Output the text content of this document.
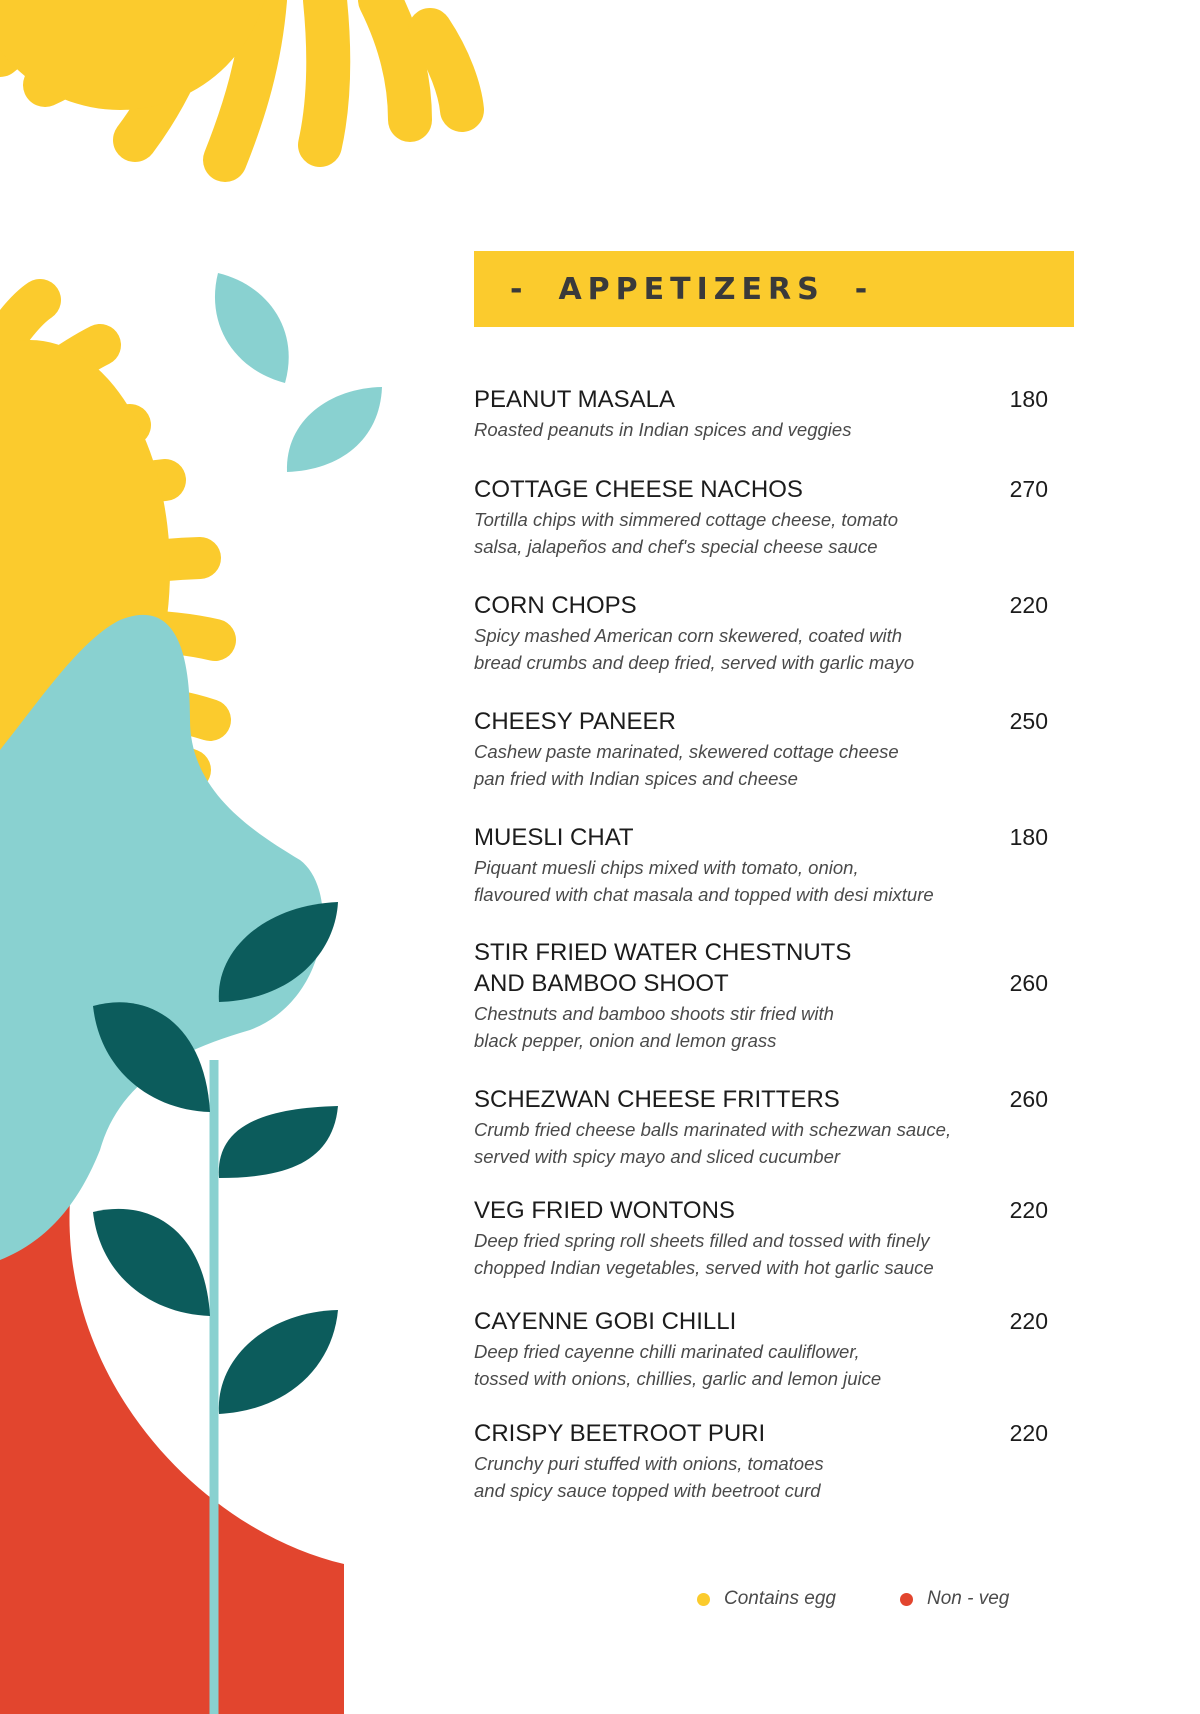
- APPETIZERS -
PEANUT MASALA	180
Roasted peanuts in Indian spices and veggies
COTTAGE CHEESE NACHOS	270
Tortilla chips with simmered cottage cheese, tomato
salsa, jalapeños and chef's special cheese sauce
CORN CHOPS	220
Spicy mashed American corn skewered, coated with
bread crumbs and deep fried, served with garlic mayo
CHEESY PANEER	250
Cashew paste marinated, skewered cottage cheese
pan fried with Indian spices and cheese
MUESLI CHAT	180
Piquant muesli chips mixed with tomato, onion,
flavoured with chat masala and topped with desi mixture
STIR FRIED WATER CHESTNUTS
AND BAMBOO SHOOT	260
Chestnuts and bamboo shoots stir fried with
black pepper, onion and lemon grass
SCHEZWAN CHEESE FRITTERS	260
Crumb fried cheese balls marinated with schezwan sauce,
served with spicy mayo and sliced cucumber
VEG FRIED WONTONS	220
Deep fried spring roll sheets filled and tossed with finely
chopped Indian vegetables, served with hot garlic sauce
CAYENNE GOBI CHILLI	220
Deep fried cayenne chilli marinated cauliflower,
tossed with onions, chillies, garlic and lemon juice
CRISPY BEETROOT PURI	220
Crunchy puri stuffed with onions, tomatoes
and spicy sauce topped with beetroot curd
Contains egg	Non - veg
